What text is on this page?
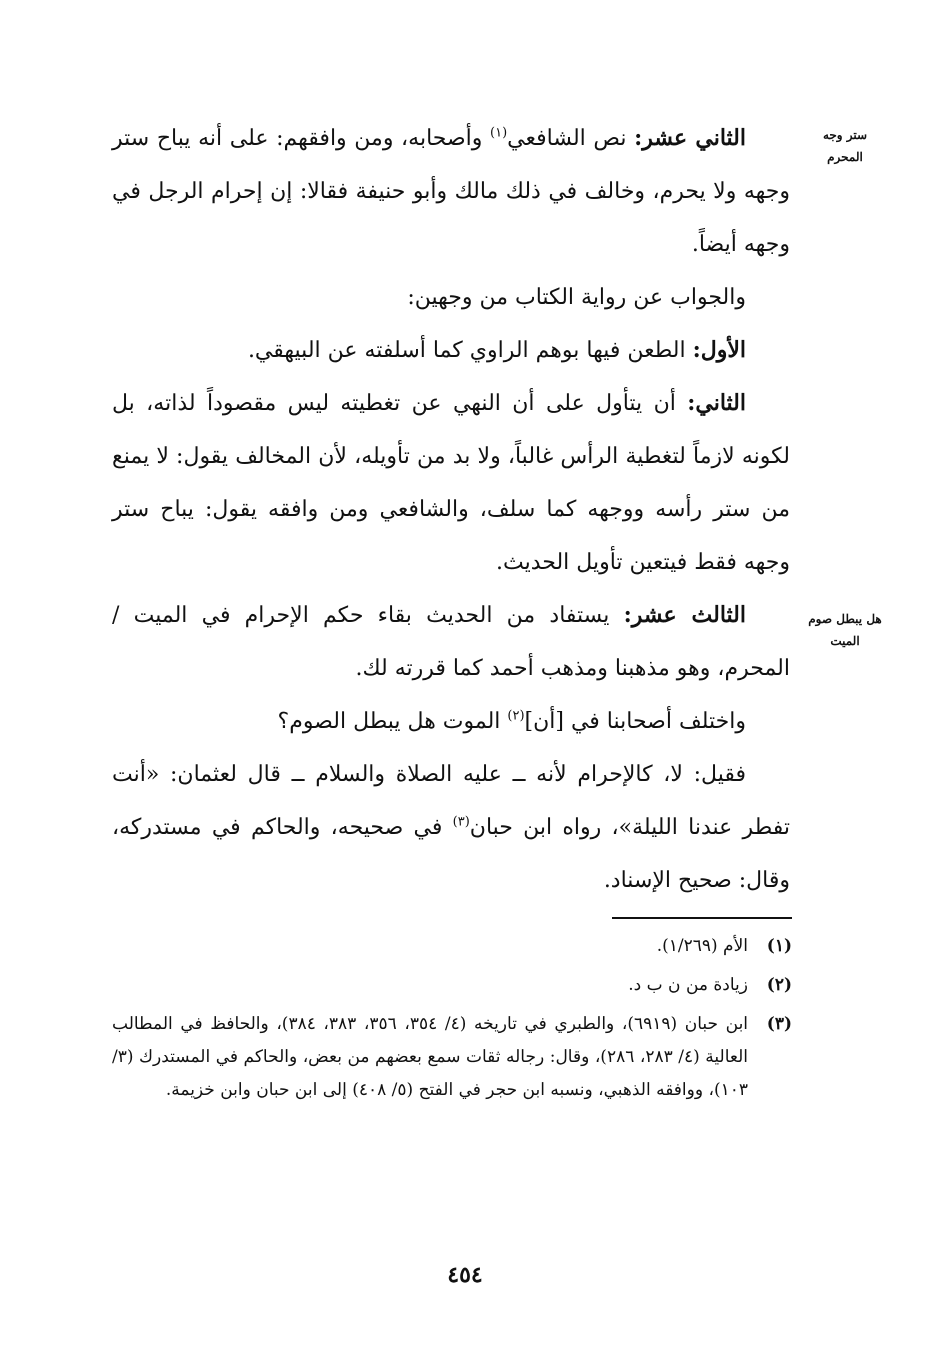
ستر وجه
المحرم
هل يبطل صوم
الميت

الثاني عشر: نص الشافعي$^{(١)}$ وأصحابه، ومن وافقهم: على أنه يباح ستر وجهه ولا يحرم، وخالف في ذلك مالك وأبو حنيفة فقالا: إن إحرام الرجل في وجهه أيضاً.

والجواب عن رواية الكتاب من وجهين:

الأول: الطعن فيها بوهم الراوي كما أسلفته عن البيهقي.

الثاني: أن يتأول على أن النهي عن تغطيته ليس مقصوداً لذاته، بل لكونه لازماً لتغطية الرأس غالباً، ولا بد من تأويله، لأن المخالف يقول: لا يمنع من ستر رأسه ووجهه كما سلف، والشافعي ومن وافقه يقول: يباح ستر وجهه فقط فيتعين تأويل الحديث.

الثالث عشر: يستفاد من الحديث بقاء حكم الإحرام في الميت / المحرم، وهو مذهبنا ومذهب أحمد كما قررته لك.

واختلف أصحابنا في [أن]$^{(٢)}$ الموت هل يبطل الصوم؟

فقيل: لا، كالإحرام لأنه ــ عليه الصلاة والسلام ــ قال لعثمان: «أنت تفطر عندنا الليلة»، رواه ابن حبان$^{(٣)}$ في صحيحه، والحاكم في مستدركه، وقال: صحيح الإسناد.

(١)
الأم (١/٢٦٩).
(٢)
زيادة من ن ب د.
(٣)
ابن حبان (٦٩١٩)، والطبري في تاريخه (٤/ ٣٥٤، ٣٥٦، ٣٨٣، ٣٨٤)، والحافظ في المطالب العالية (٤/ ٢٨٣، ٢٨٦)، وقال: رجاله ثقات سمع بعضهم من بعض، والحاكم في المستدرك (٣/ ١٠٣)، ووافقه الذهبي، ونسبه ابن حجر في الفتح (٥/ ٤٠٨) إلى ابن حبان وابن خزيمة.
٤٥٤
